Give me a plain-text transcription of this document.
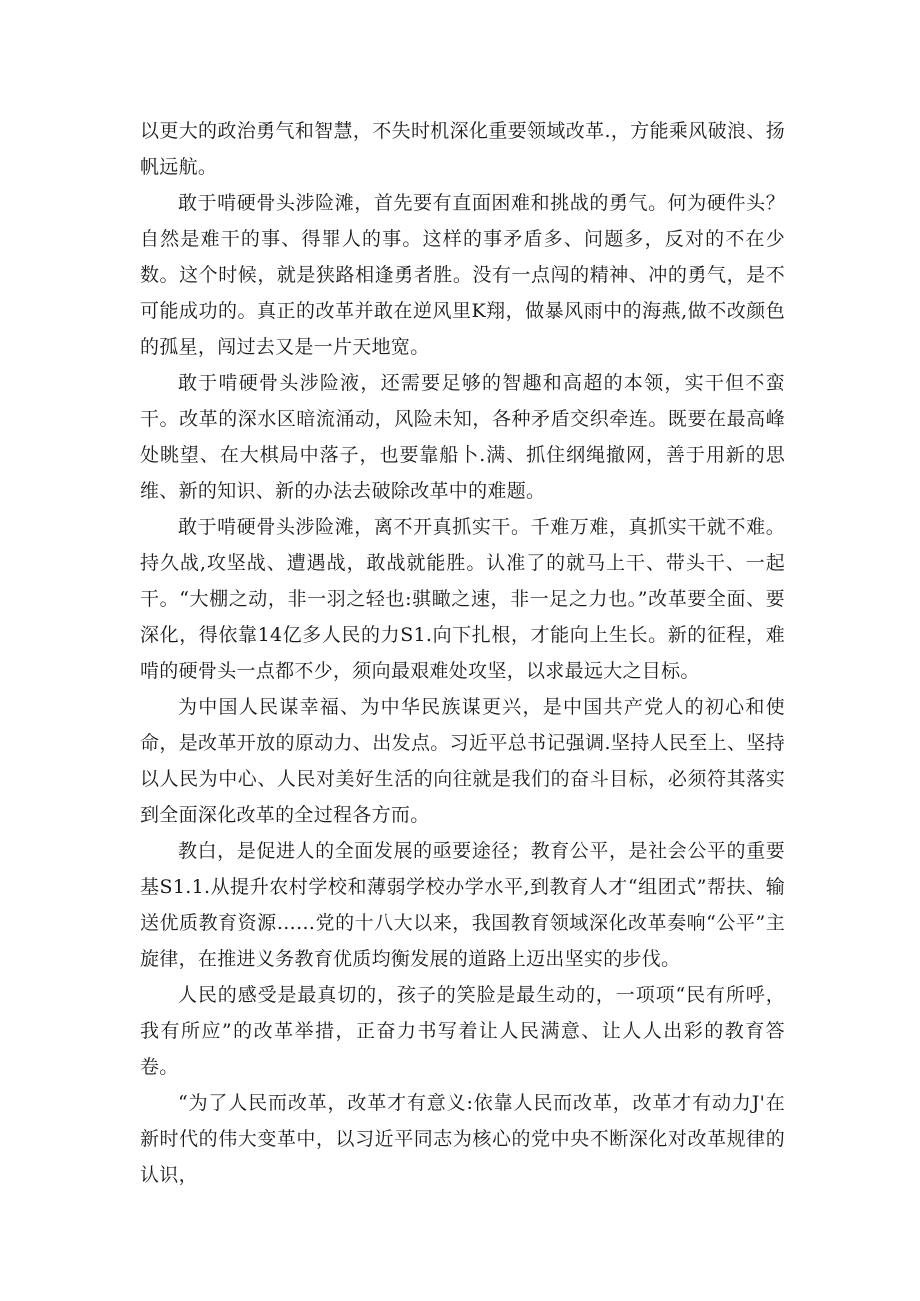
以更大的政治勇气和智慧，不失时机深化重要领域改革.，方能乘风破浪、扬帆远航。

敢于啃硬骨头涉险滩，首先要有直面困难和挑战的勇气。何为硬件头？自然是难干的事、得罪人的事。这样的事矛盾多、问题多，反对的不在少数。这个时候，就是狭路相逢勇者胜。没有一点闯的精神、冲的勇气，是不可能成功的。真正的改革并敢在逆风里K翔，做暴风雨中的海燕,做不改颜色的孤星，闯过去又是一片天地宽。

敢于啃硬骨头涉险液，还需要足够的智趣和高超的本领，实干但不蛮干。改革的深水区暗流涌动，风险未知，各种矛盾交织牵连。既要在最高峰处眺望、在大棋局中落子，也要靠船卜.满、抓住纲绳撤网，善于用新的思维、新的知识、新的办法去破除改革中的难题。

敢于啃硬骨头涉险滩，离不开真抓实干。千难万难，真抓实干就不难。持久战,攻坚战、遭遇战，敢战就能胜。认准了的就马上干、带头干、一起干。“大棚之动，非一羽之轻也:骐瞰之速，非一足之力也。”改革要全面、要深化，得依靠14亿多人民的力S1.向下扎根，才能向上生长。新的征程，难啃的硬骨头一点都不少，须向最艰难处攻坚，以求最远大之目标。

为中国人民谋幸福、为中华民族谋更兴，是中国共产党人的初心和使命，是改革开放的原动力、出发点。习近平总书记强调.坚持人民至上、坚持以人民为中心、人民对美好生活的向往就是我们的奋斗目标，必须符其落实到全面深化改革的全过程各方而。

教白，是促进人的全面发展的亟要途径；教育公平，是社会公平的重要基S1.1.从提升农村学校和薄弱学校办学水平,到教育人才“组团式”帮扶、输送优质教育资源……党的十八大以来，我国教育领域深化改革奏响“公平”主旋律，在推进义务教育优质均衡发展的道路上迈出坚实的步伐。

人民的感受是最真切的，孩子的笑脸是最生动的，一项项“民有所呼，我有所应”的改革举措，正奋力书写着让人民满意、让人人出彩的教育答卷。

“为了人民而改革，改革才有意义:依靠人民而改革，改革才有动力J'在新时代的伟大变革中，以习近平同志为核心的党中央不断深化对改革规律的认识，
